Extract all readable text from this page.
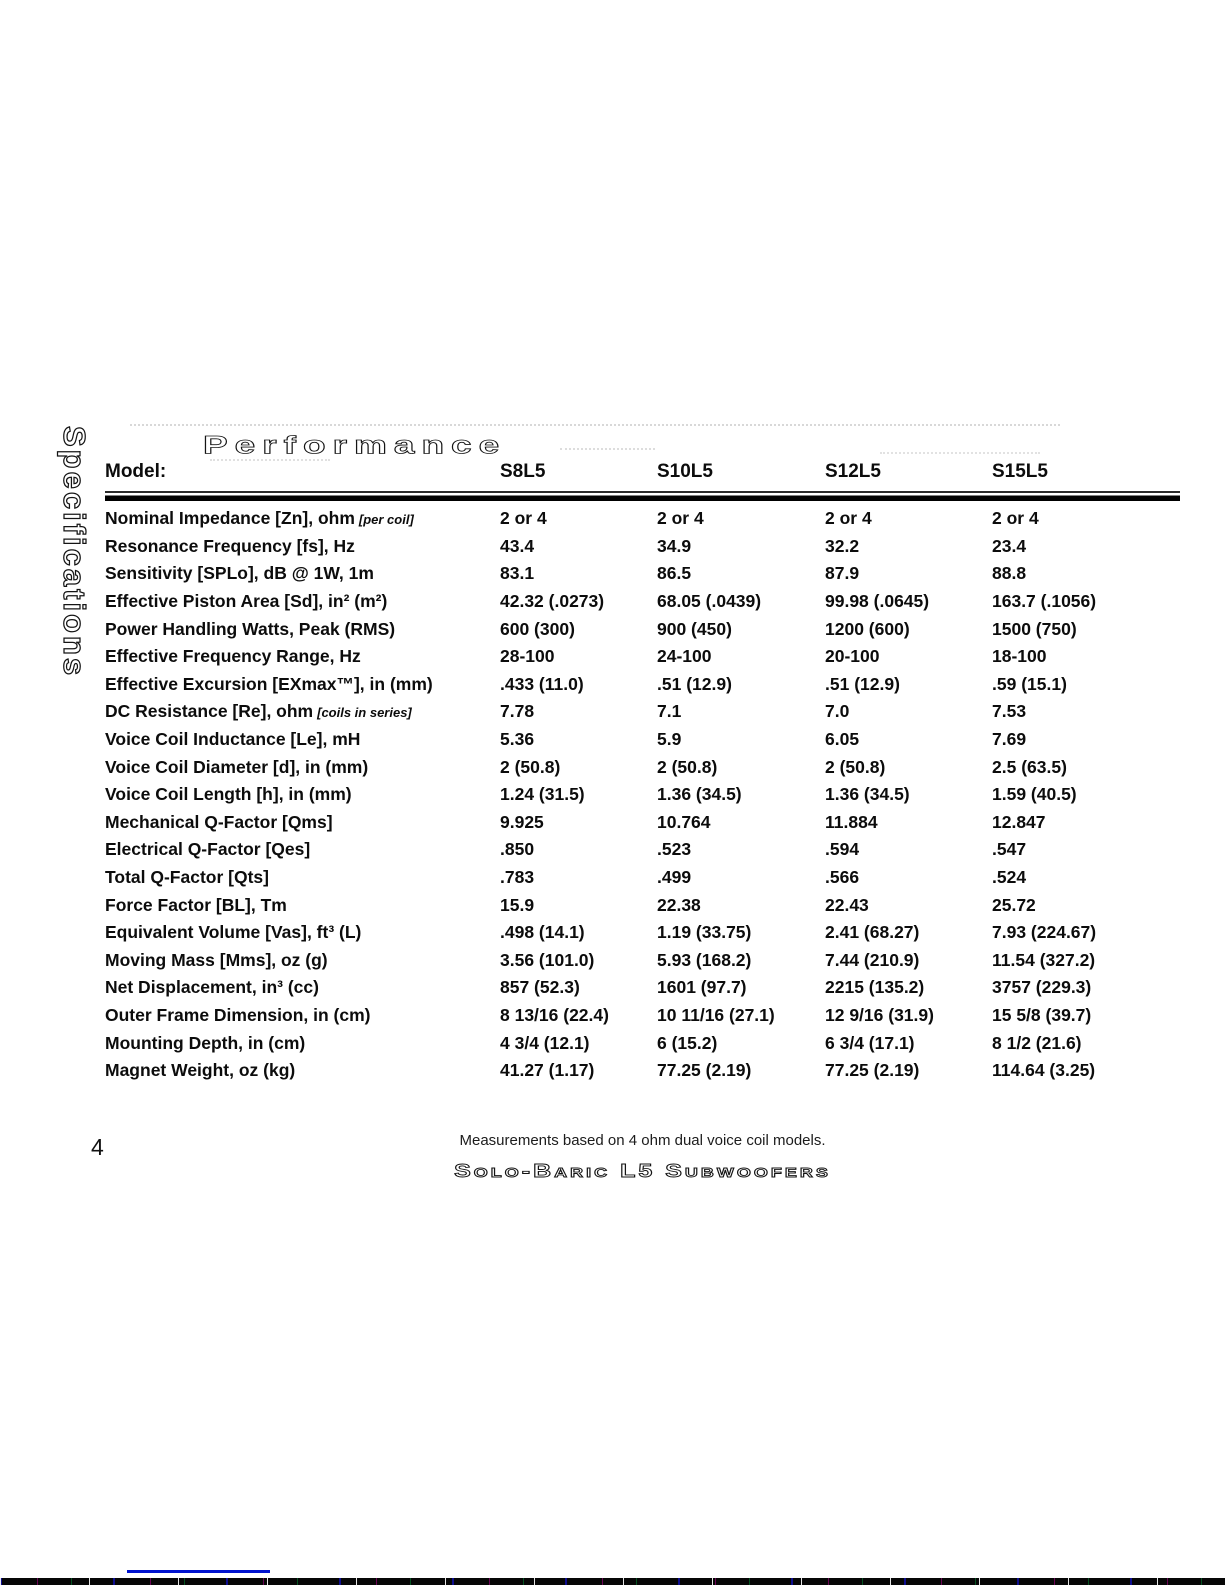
Specifications	Performance
Model:	S8L5	S10L5	S12L5	S15L5
Nominal Impedance [Zn], ohm [per coil]	2 or 4	2 or 4	2 or 4	2 or 4
Resonance Frequency [fs], Hz	43.4	34.9	32.2	23.4
Sensitivity [SPLo], dB @ 1W, 1m	83.1	86.5	87.9	88.8
Effective Piston Area [Sd], in² (m²)	42.32 (.0273)	68.05 (.0439)	99.98 (.0645)	163.7 (.1056)
Power Handling Watts, Peak (RMS)	600 (300)	900 (450)	1200 (600)	1500 (750)
Effective Frequency Range, Hz	28-100	24-100	20-100	18-100
Effective Excursion [EXmax™], in (mm)	.433 (11.0)	.51 (12.9)	.51 (12.9)	.59 (15.1)
DC Resistance [Re], ohm [coils in series]	7.78	7.1	7.0	7.53
Voice Coil Inductance [Le], mH	5.36	5.9	6.05	7.69
Voice Coil Diameter [d], in (mm)	2 (50.8)	2 (50.8)	2 (50.8)	2.5 (63.5)
Voice Coil Length [h], in (mm)	1.24 (31.5)	1.36 (34.5)	1.36 (34.5)	1.59 (40.5)
Mechanical Q-Factor [Qms]	9.925	10.764	11.884	12.847
Electrical Q-Factor [Qes]	.850	.523	.594	.547
Total Q-Factor [Qts]	.783	.499	.566	.524
Force Factor [BL], Tm	15.9	22.38	22.43	25.72
Equivalent Volume [Vas], ft³ (L)	.498 (14.1)	1.19 (33.75)	2.41 (68.27)	7.93 (224.67)
Moving Mass [Mms], oz (g)	3.56 (101.0)	5.93 (168.2)	7.44 (210.9)	11.54 (327.2)
Net Displacement, in³ (cc)	857 (52.3)	1601 (97.7)	2215 (135.2)	3757 (229.3)
Outer Frame Dimension, in (cm)	8 13/16 (22.4)	10 11/16 (27.1)	12 9/16 (31.9)	15 5/8 (39.7)
Mounting Depth, in (cm)	4 3/4 (12.1)	6 (15.2)	6 3/4 (17.1)	8 1/2 (21.6)
Magnet Weight, oz (kg)	41.27 (1.17)	77.25 (2.19)	77.25 (2.19)	114.64 (3.25)
Measurements based on 4 ohm dual voice coil models.
4
Solo-Baric L5 Subwoofers
